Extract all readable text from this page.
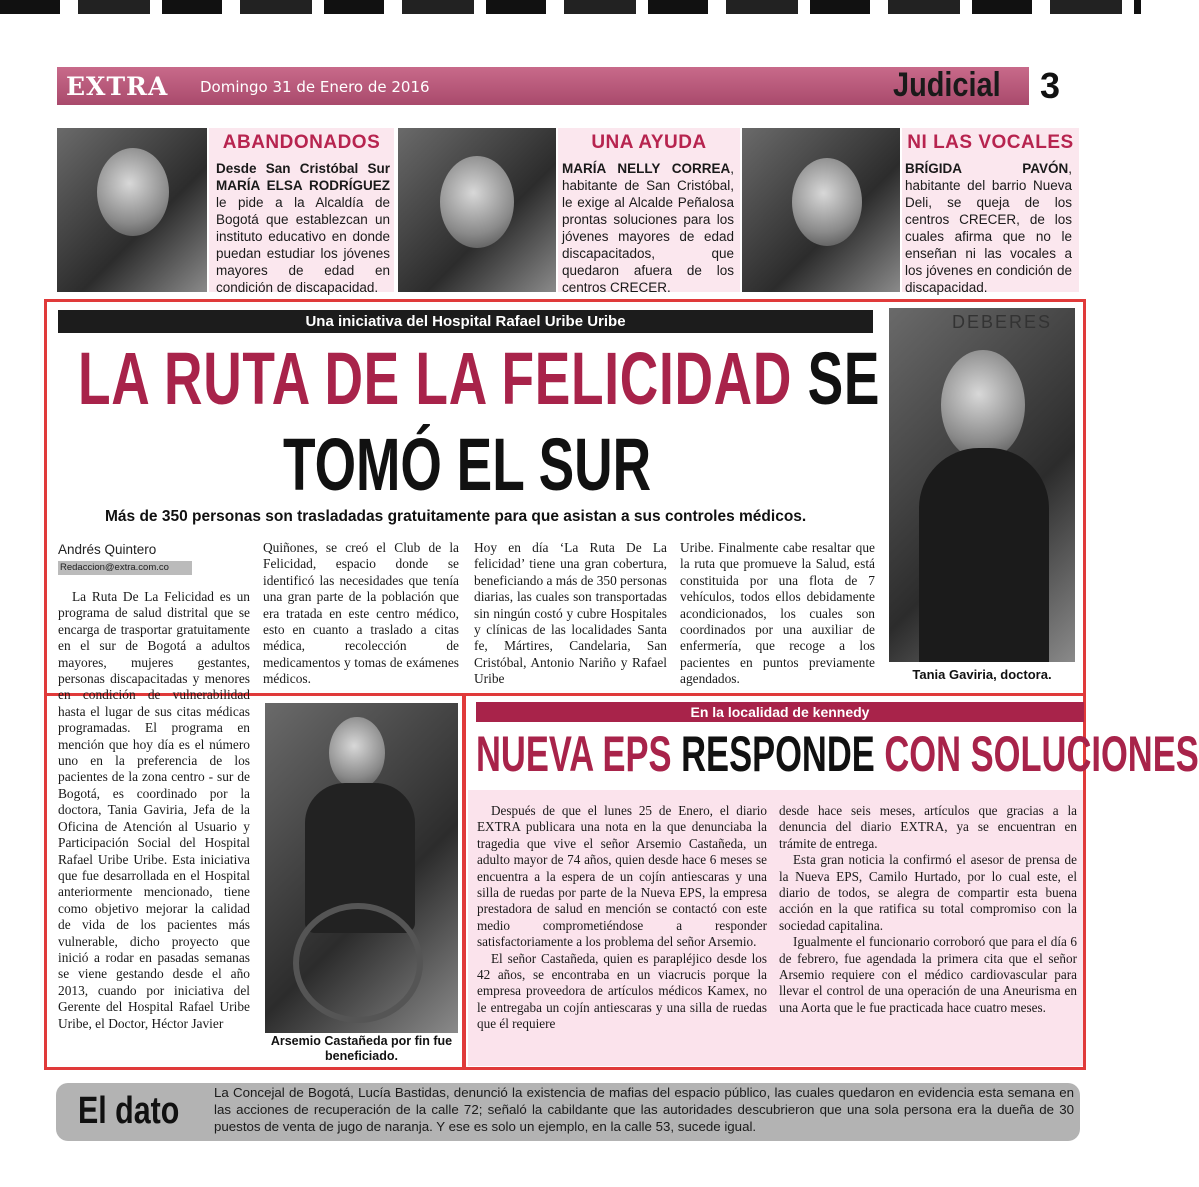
EXTRA Domingo 31 de Enero de 2016	Judicial 3
ABANDONADOS
Desde San Cristóbal Sur MARÍA ELSA RODRÍGUEZ le pide a la Alcaldía de Bogotá que establezcan un instituto educativo en donde puedan estudiar los jóvenes mayores de edad en condición de discapacidad.
UNA AYUDA
MARÍA NELLY CORREA, habitante de San Cristóbal, le exige al Alcalde Peñalosa prontas soluciones para los jóvenes mayores de edad discapacitados, que quedaron afuera de los centros CRECER.
NI LAS VOCALES
BRÍGIDA PAVÓN, habitante del barrio Nueva Deli, se queja de los centros CRECER, de los cuales afirma que no le enseñan ni las vocales a los jóvenes en condición de discapacidad.
Una iniciativa del Hospital Rafael Uribe Uribe
LA RUTA DE LA FELICIDAD SE
TOMÓ EL SUR
Más de 350 personas son trasladadas gratuitamente para que asistan a sus controles médicos.
DEBERES
Tania Gaviria, doctora.
Andrés Quintero
Redaccion@extra.com.co
La Ruta De La Felicidad es un programa de salud distrital que se encarga de trasportar gratuitamente en el sur de Bogotá a adultos mayores, mujeres gestantes, personas discapacitadas y menores en condición de vulnerabilidad hasta el lugar de sus citas médicas programadas. El programa en mención que hoy día es el número uno en la preferencia de los pacientes de la zona centro - sur de Bogotá, es coordinado por la doctora, Tania Gaviria, Jefa de la Oficina de Atención al Usuario y Participación Social del Hospital Rafael Uribe Uribe. Esta iniciativa que fue desarrollada en el Hospital anteriormente mencionado, tiene como objetivo mejorar la calidad de vida de los pacientes más vulnerable, dicho proyecto que inició a rodar en pasadas semanas se viene gestando desde el año 2013, cuando por iniciativa del Gerente del Hospital Rafael Uribe Uribe, el Doctor, Héctor Javier
Quiñones, se creó el Club de la Felicidad, espacio donde se identificó las necesidades que tenía una gran parte de la población que era tratada en este centro médico, esto en cuanto a traslado a citas médica, recolección de medicamentos y tomas de exámenes médicos.
Hoy en día ‘La Ruta De La felicidad’ tiene una gran cobertura, beneficiando a más de 350 personas diarias, las cuales son transportadas sin ningún costó y cubre Hospitales y clínicas de las localidades Santa fe, Mártires, Candelaria, San Cristóbal, Antonio Nariño y Rafael Uribe
Uribe. Finalmente cabe resaltar que la ruta que promueve la Salud, está constituida por una flota de 7 vehículos, todos ellos debidamente acondicionados, los cuales son coordinados por una auxiliar de enfermería, que recoge a los pacientes en puntos previamente agendados.
Arsemio Castañeda por fin fue beneficiado.
En la localidad de kennedy
NUEVA EPS RESPONDE CON SOLUCIONES
Después de que el lunes 25 de Enero, el diario EXTRA publicara una nota en la que denunciaba la tragedia que vive el señor Arsemio Castañeda, un adulto mayor de 74 años, quien desde hace 6 meses se encuentra a la espera de un cojín antiescaras y una silla de ruedas por parte de la Nueva EPS, la empresa prestadora de salud en mención se contactó con este medio comprometiéndose a responder satisfactoriamente a los problema del señor Arsemio.
El señor Castañeda, quien es parapléjico desde los 42 años, se encontraba en un viacrucis porque la empresa proveedora de artículos médicos Kamex, no le entregaba un cojín antiescaras y una silla de ruedas que él requiere
desde hace seis meses, artículos que gracias a la denuncia del diario EXTRA, ya se encuentran en trámite de entrega.
Esta gran noticia la confirmó el asesor de prensa de la Nueva EPS, Camilo Hurtado, por lo cual este, el diario de todos, se alegra de compartir esta buena acción en la que ratifica su total compromiso con la sociedad capitalina.
Igualmente el funcionario corroboró que para el día 6 de febrero, fue agendada la primera cita que el señor Arsemio requiere con el médico cardiovascular para llevar el control de una operación de una Aneurisma en una Aorta que le fue practicada hace cuatro meses.
El dato	La Concejal de Bogotá, Lucía Bastidas, denunció la existencia de mafias del espacio público, las cuales quedaron en evidencia esta semana en las acciones de recuperación de la calle 72; señaló la cabildante que las autoridades descubrieron que una sola persona era la dueña de 30 puestos de venta de jugo de naranja. Y ese es solo un ejemplo, en la calle 53, sucede igual.
